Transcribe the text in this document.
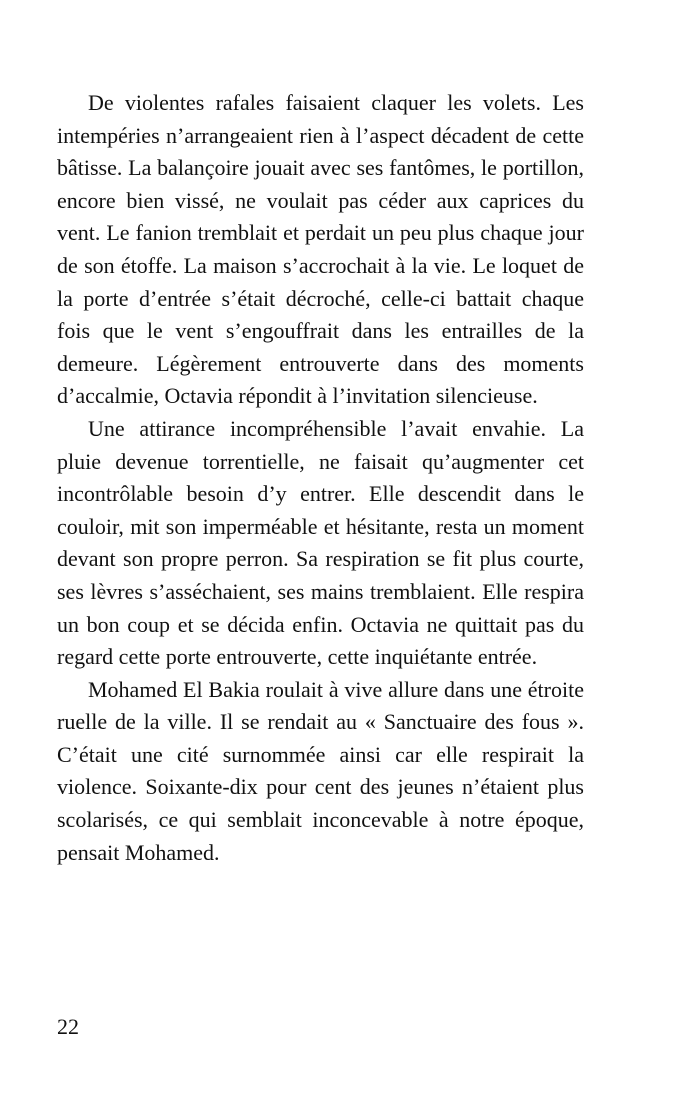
De violentes rafales faisaient claquer les volets. Les intempéries n’arrangeaient rien à l’aspect décadent de cette bâtisse. La balançoire jouait avec ses fantômes, le portillon, encore bien vissé, ne voulait pas céder aux caprices du vent. Le fanion tremblait et perdait un peu plus chaque jour de son étoffe. La maison s’accrochait à la vie. Le loquet de la porte d’entrée s’était décroché, celle-ci battait chaque fois que le vent s’engouffrait dans les entrailles de la demeure. Légèrement entrouverte dans des moments d’accalmie, Octavia répondit à l’invitation silencieuse.

Une attirance incompréhensible l’avait envahie. La pluie devenue torrentielle, ne faisait qu’augmenter cet incontrôlable besoin d’y entrer. Elle descendit dans le couloir, mit son imperméable et hésitante, resta un moment devant son propre perron. Sa respiration se fit plus courte, ses lèvres s’asséchaient, ses mains tremblaient. Elle respira un bon coup et se décida enfin. Octavia ne quittait pas du regard cette porte entrouverte, cette inquiétante entrée.

Mohamed El Bakia roulait à vive allure dans une étroite ruelle de la ville. Il se rendait au « Sanctuaire des fous ». C’était une cité surnommée ainsi car elle respirait la violence. Soixante-dix pour cent des jeunes n’étaient plus scolarisés, ce qui semblait inconcevable à notre époque, pensait Mohamed.

22
